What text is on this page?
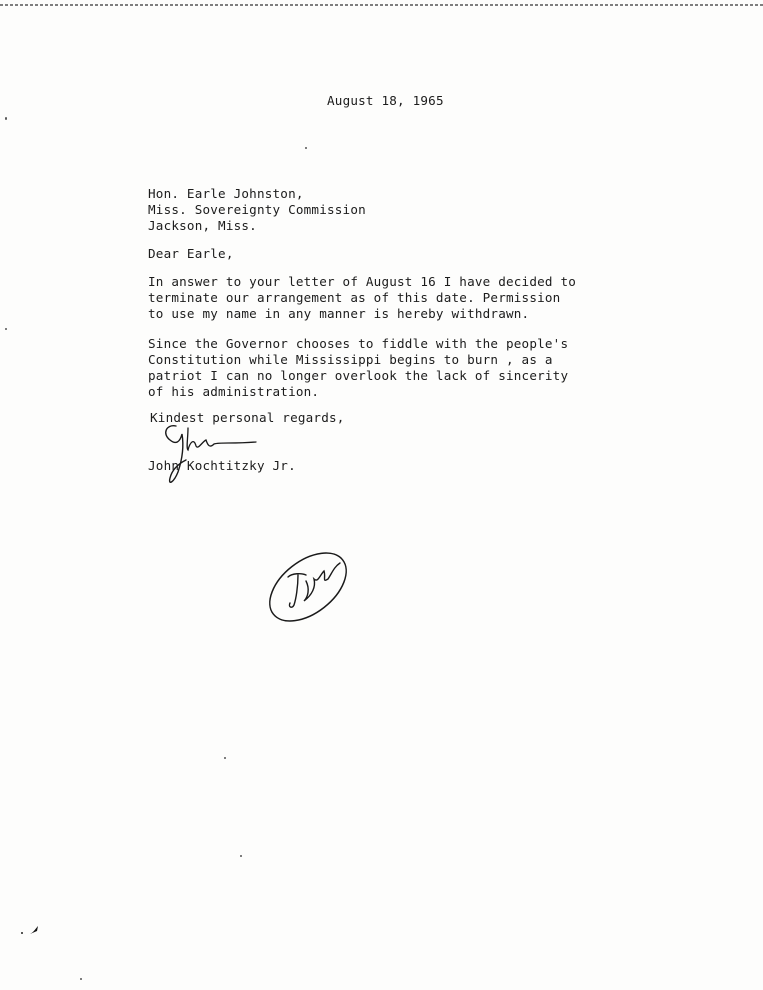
August 18, 1965
Hon. Earle Johnston,
Miss. Sovereignty Commission
Jackson, Miss.
Dear Earle,
In answer to your letter of August 16 I have decided to
terminate our arrangement as of this date. Permission
to use my name in any manner is hereby withdrawn.
Since the Governor chooses to fiddle with the people's
Constitution while Mississippi begins to burn , as a
patriot I can no longer overlook the lack of sincerity
of his administration.
Kindest personal regards,
John Kochtitzky Jr.
